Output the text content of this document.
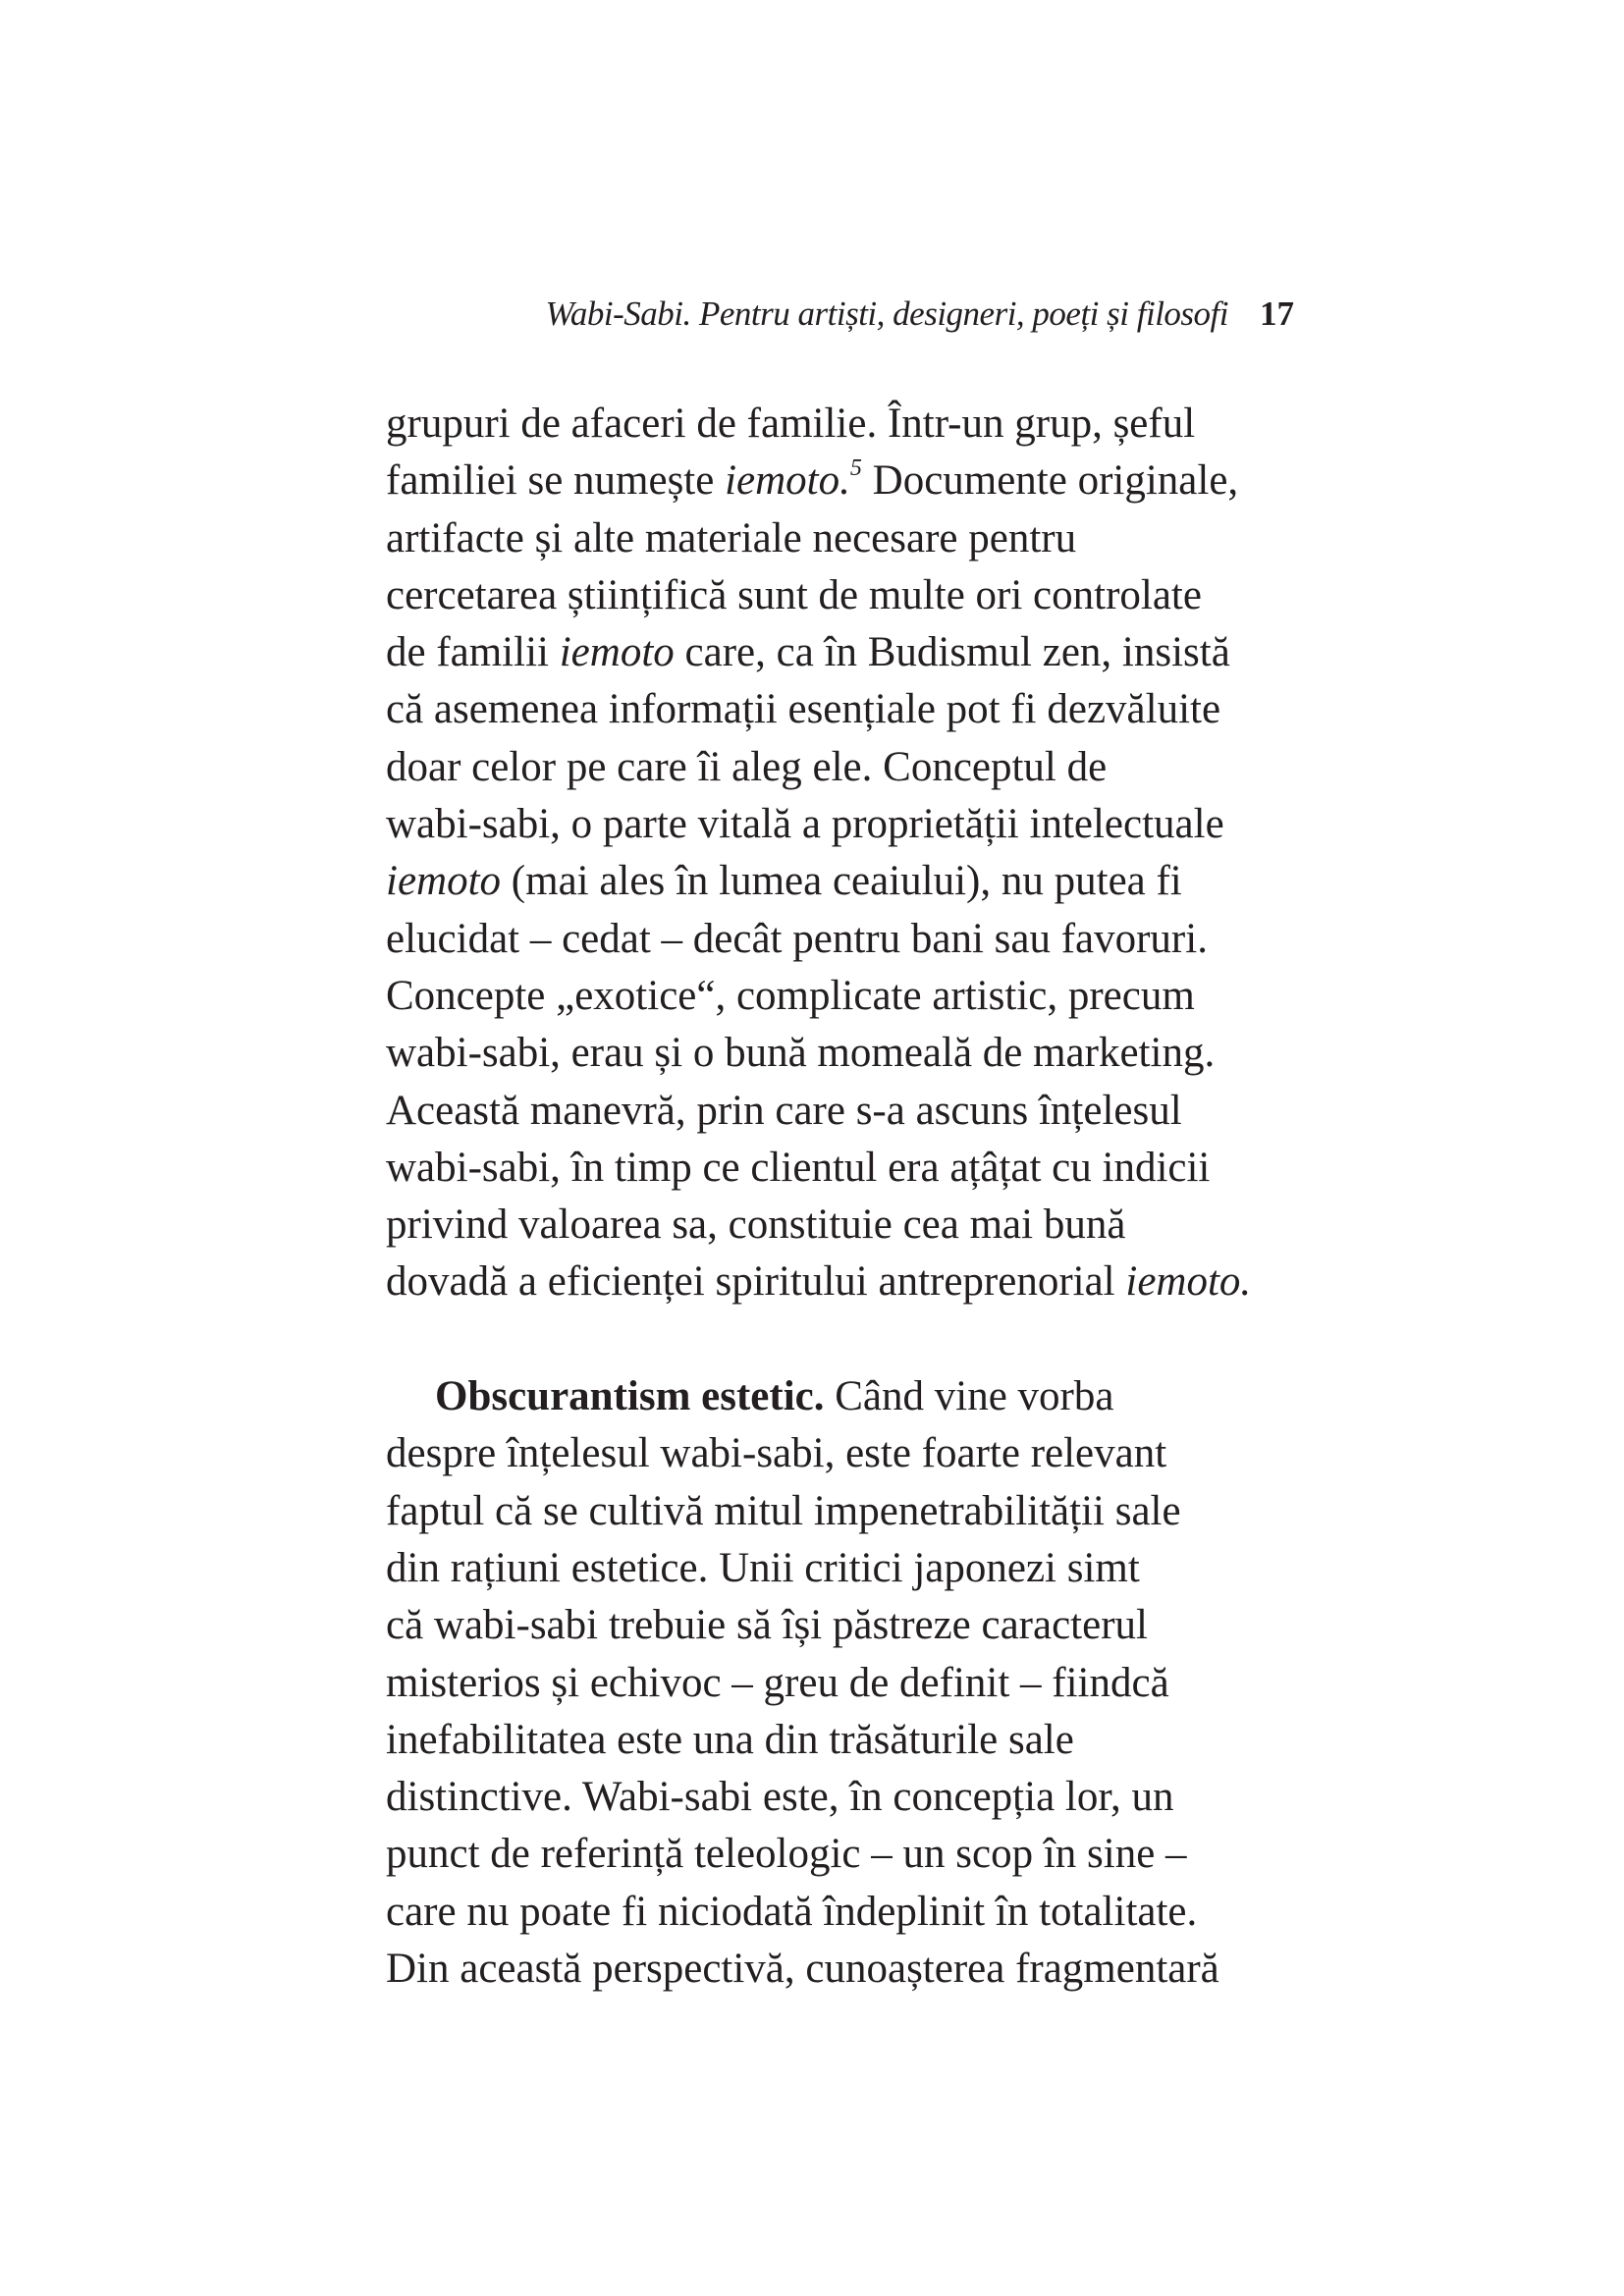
Wabi-Sabi. Pentru artiști, designeri, poeți și filosofi 17
grupuri de afaceri de familie. Într-un grup, șeful
familiei se numește iemoto.$^5$ Documente originale,
artifacte și alte materiale necesare pentru
cercetarea științifică sunt de multe ori controlate
de familii iemoto care, ca în Budismul zen, insistă
că asemenea informații esențiale pot fi dezvăluite
doar celor pe care îi aleg ele. Conceptul de
wabi-sabi, o parte vitală a proprietății intelectuale
iemoto (mai ales în lumea ceaiului), nu putea fi
elucidat – cedat – decât pentru bani sau favoruri.
Concepte „exotice“, complicate artistic, precum
wabi-sabi, erau și o bună momeală de marketing.
Această manevră, prin care s-a ascuns înțelesul
wabi-sabi, în timp ce clientul era ațâțat cu indicii
privind valoarea sa, constituie cea mai bună
dovadă a eficienței spiritului antreprenorial iemoto.
Obscurantism estetic. Când vine vorba
despre înțelesul wabi-sabi, este foarte relevant
faptul că se cultivă mitul impenetrabilității sale
din rațiuni estetice. Unii critici japonezi simt
că wabi-sabi trebuie să își păstreze caracterul
misterios și echivoc – greu de definit – fiindcă
inefabilitatea este una din trăsăturile sale
distinctive. Wabi-sabi este, în concepția lor, un
punct de referință teleologic – un scop în sine –
care nu poate fi niciodată îndeplinit în totalitate.
Din această perspectivă, cunoașterea fragmentară
